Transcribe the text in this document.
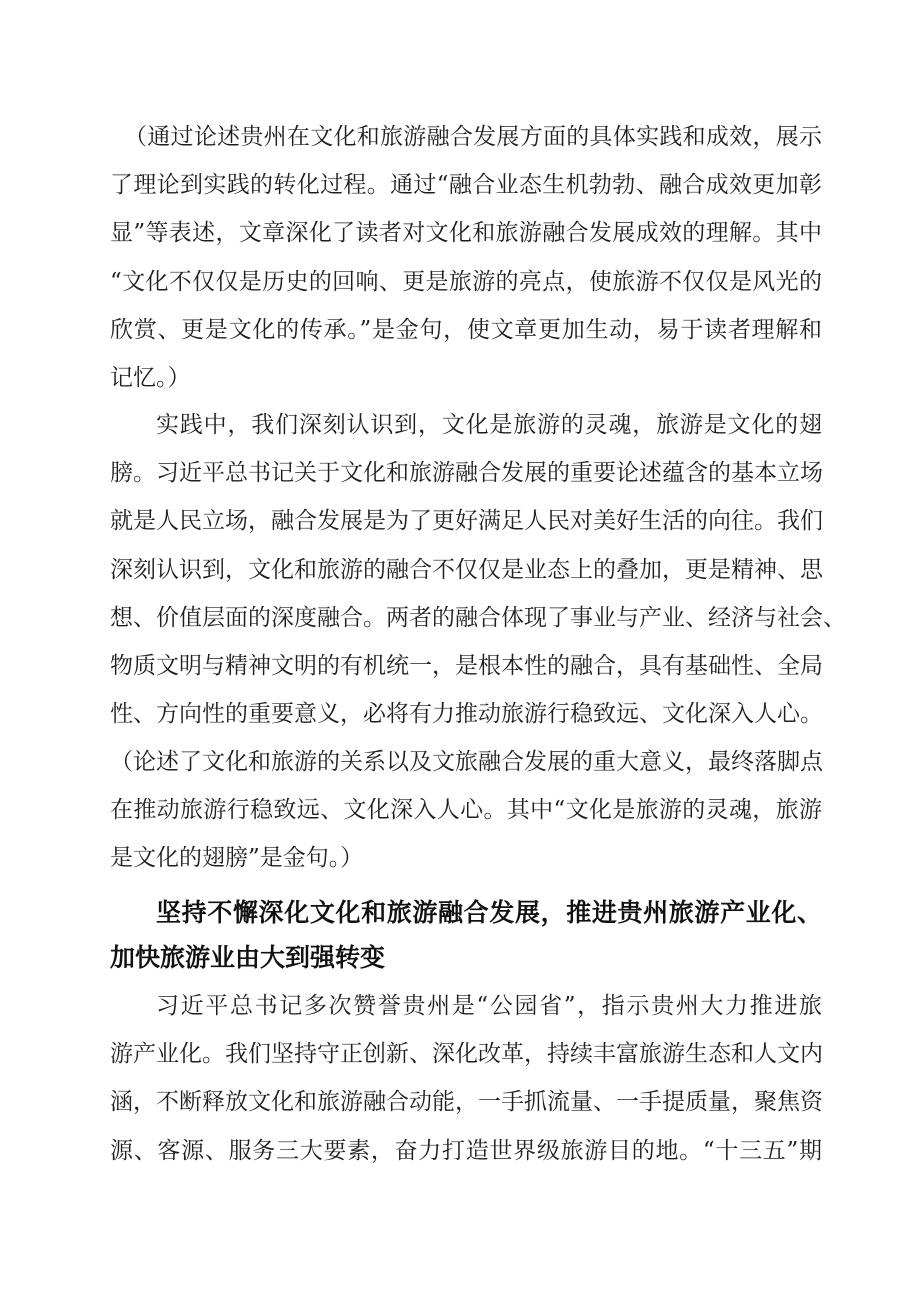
（通过论述贵州在文化和旅游融合发展方面的具体实践和成效，展示
了理论到实践的转化过程。通过“融合业态生机勃勃、融合成效更加彰
显”等表述，文章深化了读者对文化和旅游融合发展成效的理解。其中
“文化不仅仅是历史的回响、更是旅游的亮点，使旅游不仅仅是风光的
欣赏、更是文化的传承。”是金句，使文章更加生动，易于读者理解和
记忆。）
实践中，我们深刻认识到，文化是旅游的灵魂，旅游是文化的翅
膀。习近平总书记关于文化和旅游融合发展的重要论述蕴含的基本立场
就是人民立场，融合发展是为了更好满足人民对美好生活的向往。我们
深刻认识到，文化和旅游的融合不仅仅是业态上的叠加，更是精神、思
想、价值层面的深度融合。两者的融合体现了事业与产业、经济与社会、
物质文明与精神文明的有机统一，是根本性的融合，具有基础性、全局
性、方向性的重要意义，必将有力推动旅游行稳致远、文化深入人心。
（论述了文化和旅游的关系以及文旅融合发展的重大意义，最终落脚点
在推动旅游行稳致远、文化深入人心。其中“文化是旅游的灵魂，旅游
是文化的翅膀”是金句。）
坚持不懈深化文化和旅游融合发展，推进贵州旅游产业化、
加快旅游业由大到强转变
习近平总书记多次赞誉贵州是“公园省”，指示贵州大力推进旅
游产业化。我们坚持守正创新、深化改革，持续丰富旅游生态和人文内
涵，不断释放文化和旅游融合动能，一手抓流量、一手提质量，聚焦资
源、客源、服务三大要素，奋力打造世界级旅游目的地。“十三五”期
